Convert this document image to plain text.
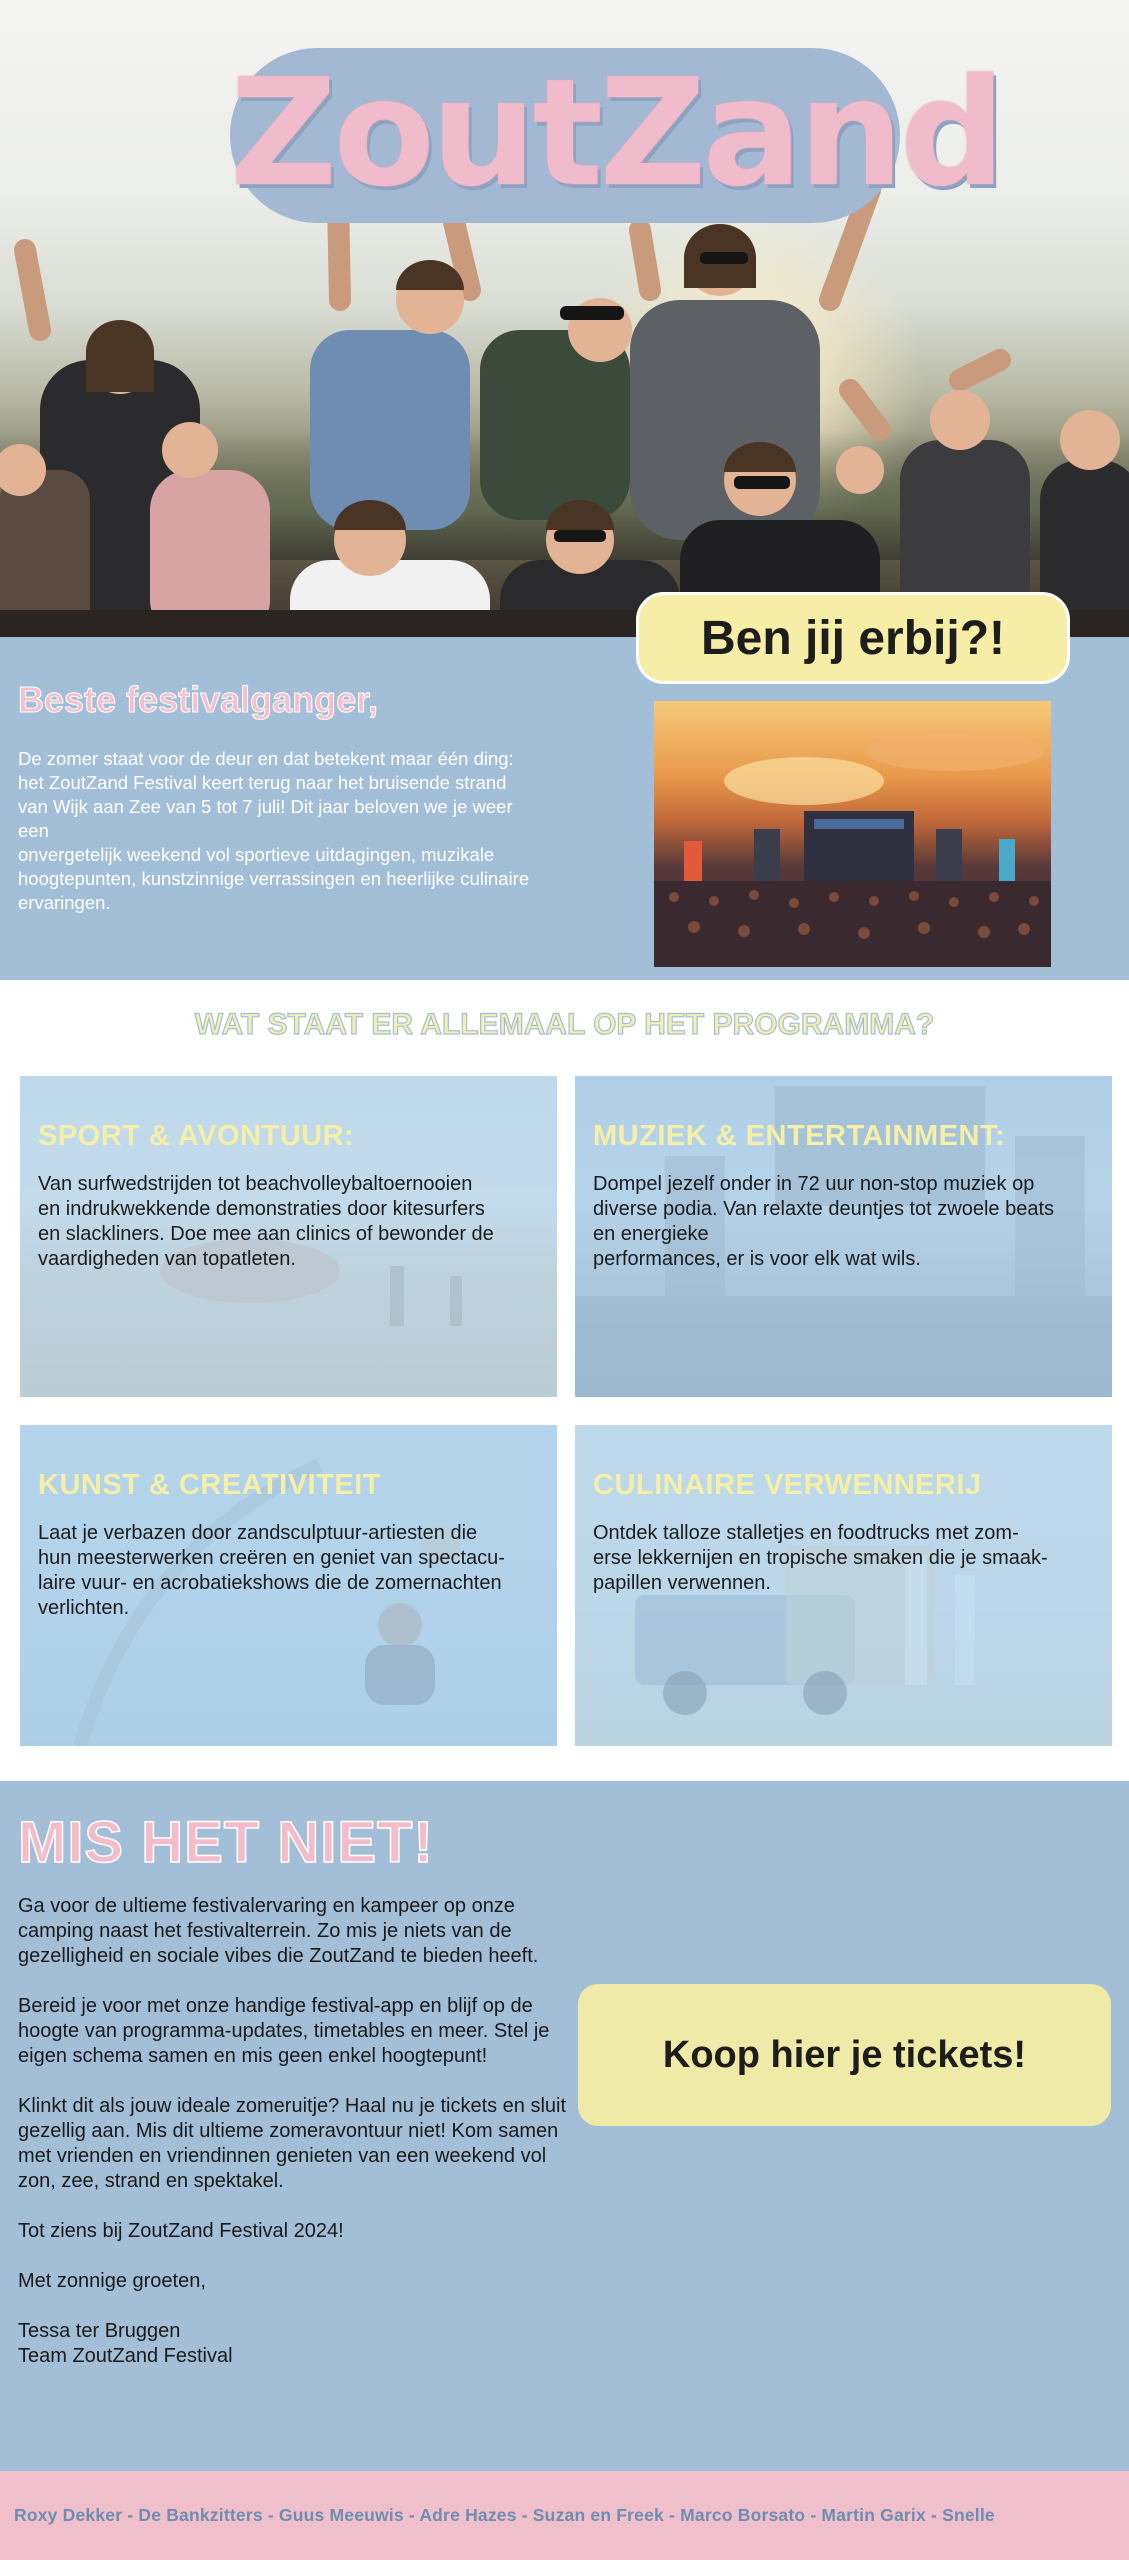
ZoutZand
Ben jij erbij?!
Beste festivalganger,
De zomer staat voor de deur en dat betekent maar één ding:
het ZoutZand Festival keert terug naar het bruisende strand
van Wijk aan Zee van 5 tot 7 juli! Dit jaar beloven we je weer
een
onvergetelijk weekend vol sportieve uitdagingen, muzikale
hoogtepunten, kunstzinnige verrassingen en heerlijke culinaire
ervaringen.
WAT STAAT ER ALLEMAAL OP HET PROGRAMMA?
SPORT & AVONTUUR:

Van surfwedstrijden tot beachvolleybaltoernooien
en indrukwekkende demonstraties door kitesurfers
en slackliners. Doe mee aan clinics of bewonder de
vaardigheden van topatleten.

MUZIEK & ENTERTAINMENT:

Dompel jezelf onder in 72 uur non-stop muziek op
diverse podia. Van relaxte deuntjes tot zwoele beats
en energieke
performances, er is voor elk wat wils.

KUNST & CREATIVITEIT

Laat je verbazen door zandsculptuur-artiesten die
hun meesterwerken creëren en geniet van spectacu-
laire vuur- en acrobatiekshows die de zomernachten
verlichten.

CULINAIRE VERWENNERIJ

Ontdek talloze stalletjes en foodtrucks met zom-
erse lekkernijen en tropische smaken die je smaak-
papillen verwennen.

MIS HET NIET!

Ga voor de ultieme festivalervaring en kampeer op onze camping naast het festivalterrein. Zo mis je niets van de gezelligheid en sociale vibes die ZoutZand te bieden heeft.

Bereid je voor met onze handige festival-app en blijf op de hoogte van programma-updates, timetables en meer. Stel je eigen schema samen en mis geen enkel hoogtepunt!

Klinkt dit als jouw ideale zomeruitje? Haal nu je tickets en sluit gezellig aan. Mis dit ultieme zomeravontuur niet! Kom samen met vrienden en vriendinnen genieten van een weekend vol zon, zee, strand en spektakel.

Tot ziens bij ZoutZand Festival 2024!

Met zonnige groeten,

Tessa ter Bruggen
Team ZoutZand Festival

Koop hier je tickets!
Roxy Dekker - De Bankzitters - Guus Meeuwis - Adre Hazes - Suzan en Freek - Marco Borsato - Martin Garix - Snelle
